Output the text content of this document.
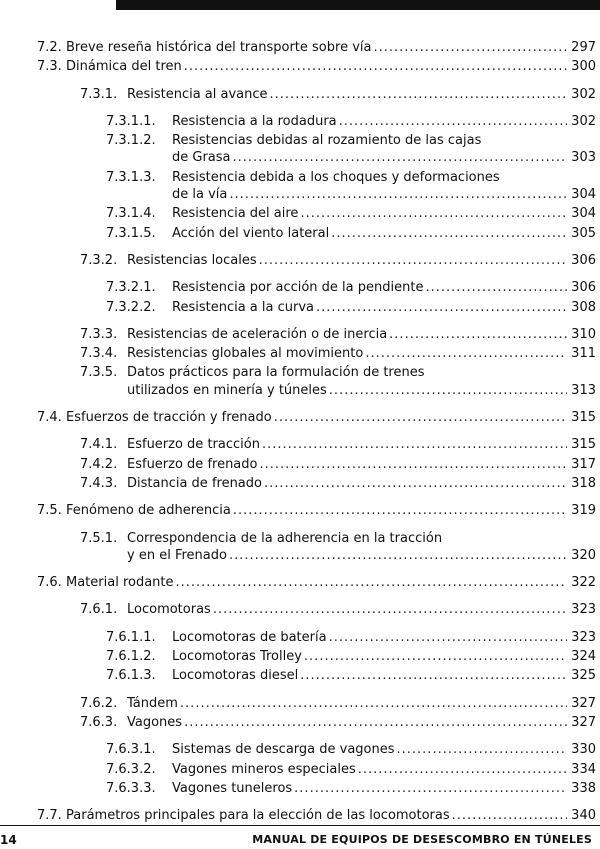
7.2. Breve reseña histórica del transporte sobre vía .....	297
7.3. Dinámica del tren .....	300
7.3.1. Resistencia al avance .....	302
7.3.1.1.	Resistencia a la rodadura .....	302
7.3.1.2.	Resistencias debidas al rozamiento de las cajas
de Grasa .....	303
7.3.1.3.	Resistencia debida a los choques y deformaciones
de la vía .....	304
7.3.1.4.	Resistencia del aire .....	304
7.3.1.5.	Acción del viento lateral .....	305
7.3.2. Resistencias locales .....	306
7.3.2.1.	Resistencia por acción de la pendiente .....	306
7.3.2.2.	Resistencia a la curva .....	308
7.3.3. Resistencias de aceleración o de inercia .....	310
7.3.4. Resistencias globales al movimiento .....	311
7.3.5. Datos prácticos para la formulación de trenes
utilizados en minería y túneles .....	313
7.4. Esfuerzos de tracción y frenado .....	315
7.4.1. Esfuerzo de tracción .....	315
7.4.2. Esfuerzo de frenado .....	317
7.4.3. Distancia de frenado .....	318
7.5. Fenómeno de adherencia .....	319
7.5.1. Correspondencia de la adherencia en la tracción
y en el Frenado .....	320
7.6. Material rodante .....	322
7.6.1. Locomotoras .....	323
7.6.1.1.	Locomotoras de batería .....	323
7.6.1.2.	Locomotoras Trolley .....	324
7.6.1.3.	Locomotoras diesel .....	325
7.6.2. Tándem .....	327
7.6.3. Vagones .....	327
7.6.3.1.	Sistemas de descarga de vagones .....	330
7.6.3.2.	Vagones mineros especiales .....	334
7.6.3.3.	Vagones tuneleros .....	338
7.7. Parámetros principales para la elección de las locomotoras .....	340
14	MANUAL DE EQUIPOS DE DESESCOMBRO EN TÚNELES
